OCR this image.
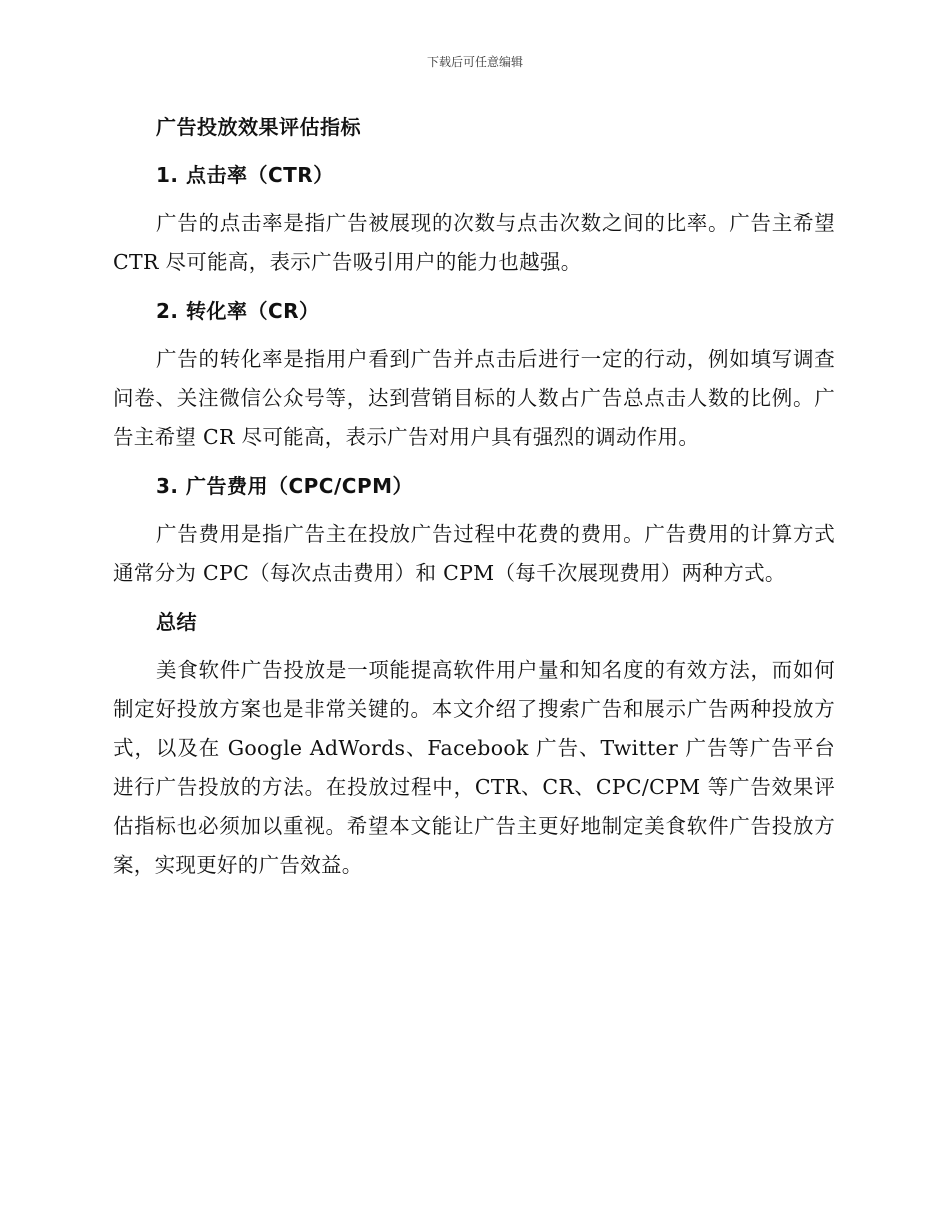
下载后可任意编辑
广告投放效果评估指标
1. 点击率（CTR）
广告的点击率是指广告被展现的次数与点击次数之间的比率。广告主希望 CTR 尽可能高，表示广告吸引用户的能力也越强。
2. 转化率（CR）
广告的转化率是指用户看到广告并点击后进行一定的行动，例如填写调查问卷、关注微信公众号等，达到营销目标的人数占广告总点击人数的比例。广告主希望 CR 尽可能高，表示广告对用户具有强烈的调动作用。
3. 广告费用（CPC/CPM）
广告费用是指广告主在投放广告过程中花费的费用。广告费用的计算方式通常分为 CPC（每次点击费用）和 CPM（每千次展现费用）两种方式。
总结
美食软件广告投放是一项能提高软件用户量和知名度的有效方法，而如何制定好投放方案也是非常关键的。本文介绍了搜索广告和展示广告两种投放方式，以及在 Google AdWords、Facebook 广告、Twitter 广告等广告平台进行广告投放的方法。在投放过程中，CTR、CR、CPC/CPM 等广告效果评估指标也必须加以重视。希望本文能让广告主更好地制定美食软件广告投放方案，实现更好的广告效益。
